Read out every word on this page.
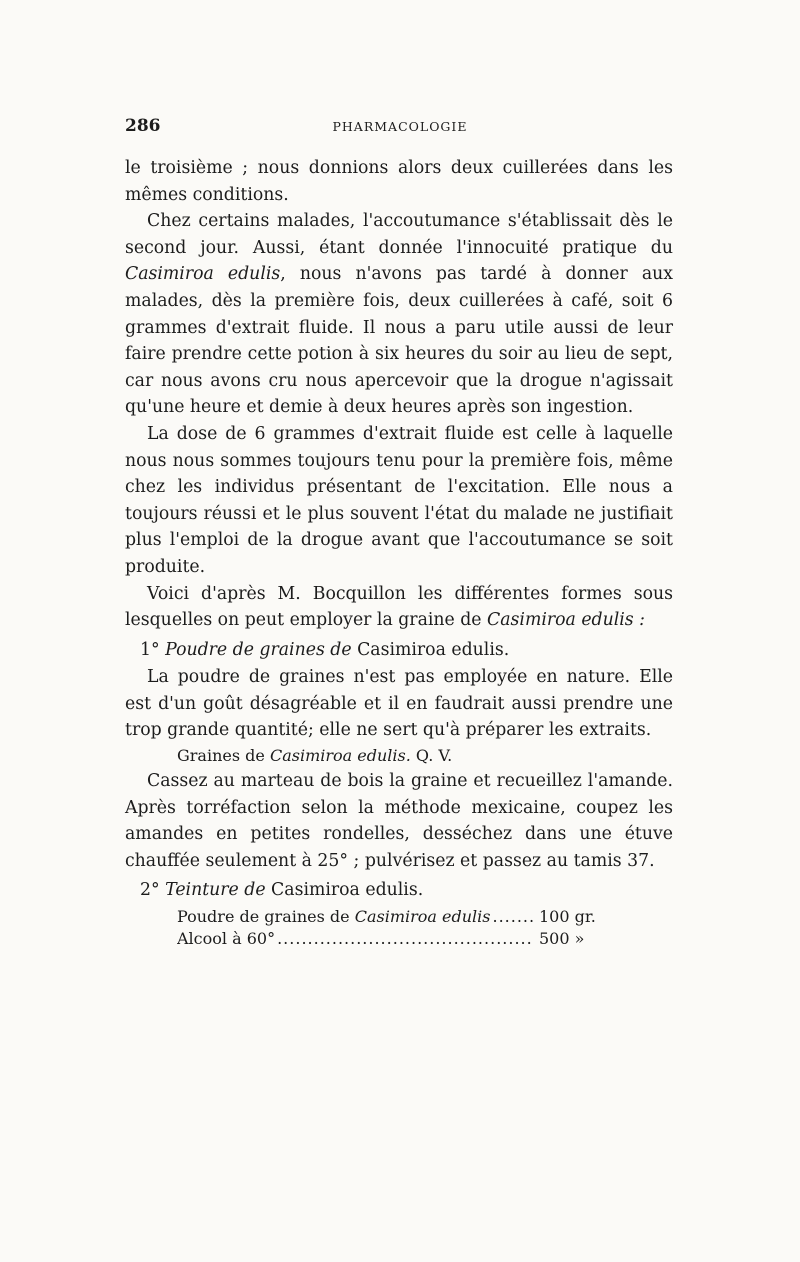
286	PHARMACOLOGIE

le troisième ; nous donnions alors deux cuillerées dans les mêmes conditions.

Chez certains malades, l'accoutumance s'établissait dès le second jour. Aussi, étant donnée l'innocuité pratique du Casimiroa edulis, nous n'avons pas tardé à donner aux malades, dès la première fois, deux cuillerées à café, soit 6 grammes d'extrait fluide. Il nous a paru utile aussi de leur faire prendre cette potion à six heures du soir au lieu de sept, car nous avons cru nous apercevoir que la drogue n'agissait qu'une heure et demie à deux heures après son ingestion.

La dose de 6 grammes d'extrait fluide est celle à laquelle nous nous sommes toujours tenu pour la première fois, même chez les individus présentant de l'excitation. Elle nous a toujours réussi et le plus souvent l'état du malade ne justifiait plus l'emploi de la drogue avant que l'accoutumance se soit produite.

Voici d'après M. Bocquillon les différentes formes sous lesquelles on peut employer la graine de Casimiroa edulis :

1° Poudre de graines de Casimiroa edulis.

La poudre de graines n'est pas employée en nature. Elle est d'un goût désagréable et il en faudrait aussi prendre une trop grande quantité; elle ne sert qu'à préparer les extraits.

Graines de Casimiroa edulis. Q. V.

Cassez au marteau de bois la graine et recueillez l'amande. Après torréfaction selon la méthode mexicaine, coupez les amandes en petites rondelles, desséchez dans une étuve chauffée seulement à 25° ; pulvérisez et passez au tamis 37.

2° Teinture de Casimiroa edulis.

Poudre de graines de Casimiroa edulis .....	100 gr.
Alcool à 60° .....	500 »
